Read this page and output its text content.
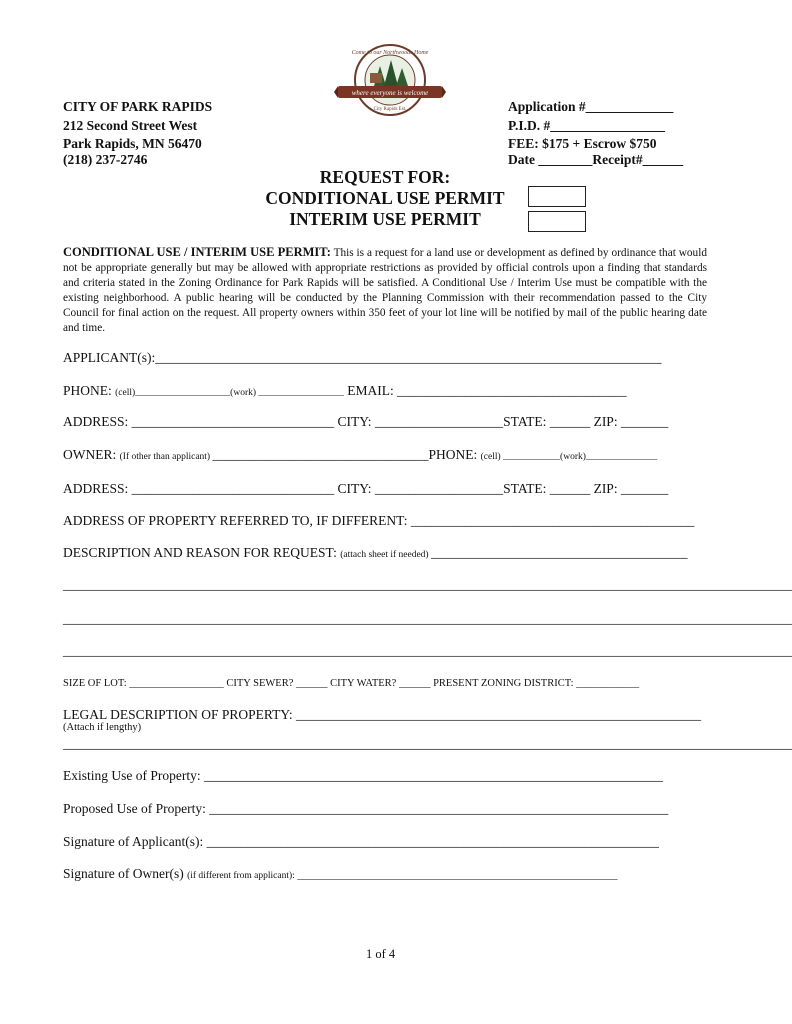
where everyone is welcome
Come to our Northwoods Home
City Rapids Est.
CITY OF PARK RAPIDS
212 Second Street West
Park Rapids, MN 56470
(218) 237-2746
Application #_____________
P.I.D. #_________________
FEE: $175 + Escrow $750
Date ________Receipt#______
REQUEST FOR:
CONDITIONAL USE PERMIT
INTERIM USE PERMIT
CONDITIONAL USE / INTERIM USE PERMIT: This is a request for a land use or development as defined by ordinance that would not be appropriate generally but may be allowed with appropriate restrictions as provided by official controls upon a finding that standards and criteria stated in the Zoning Ordinance for Park Rapids will be satisfied. A Conditional Use / Interim Use must be compatible with the existing neighborhood. A public hearing will be conducted by the Planning Commission with their recommendation passed to the City Council for final action on the request. All property owners within 350 feet of your lot line will be notified by mail of the public hearing date and time.
APPLICANT(s):___________________________________________________________________________
PHONE: (cell)____________________(work) __________________ EMAIL: __________________________________
ADDRESS: ______________________________ CITY: ___________________STATE: ______ ZIP: _______
OWNER: (If other than applicant) ________________________________PHONE: (cell) ____________(work)_______________
ADDRESS: ______________________________ CITY: ___________________STATE: ______ ZIP: _______
ADDRESS OF PROPERTY REFERRED TO, IF DIFFERENT: __________________________________________
DESCRIPTION AND REASON FOR REQUEST: (attach sheet if needed) ______________________________________
____________________________________________________________________________________________________________
____________________________________________________________________________________________________________
____________________________________________________________________________________________________________
SIZE OF LOT: __________________ CITY SEWER? ______ CITY WATER? ______ PRESENT ZONING DISTRICT: ____________
LEGAL DESCRIPTION OF PROPERTY: ____________________________________________________________
(Attach if lengthy)
____________________________________________________________________________________________________________
Existing Use of Property: ____________________________________________________________________
Proposed Use of Property: ____________________________________________________________________
Signature of Applicant(s): ___________________________________________________________________
Signature of Owner(s) (if different from applicant): _____________________________________________________________
1 of 4
